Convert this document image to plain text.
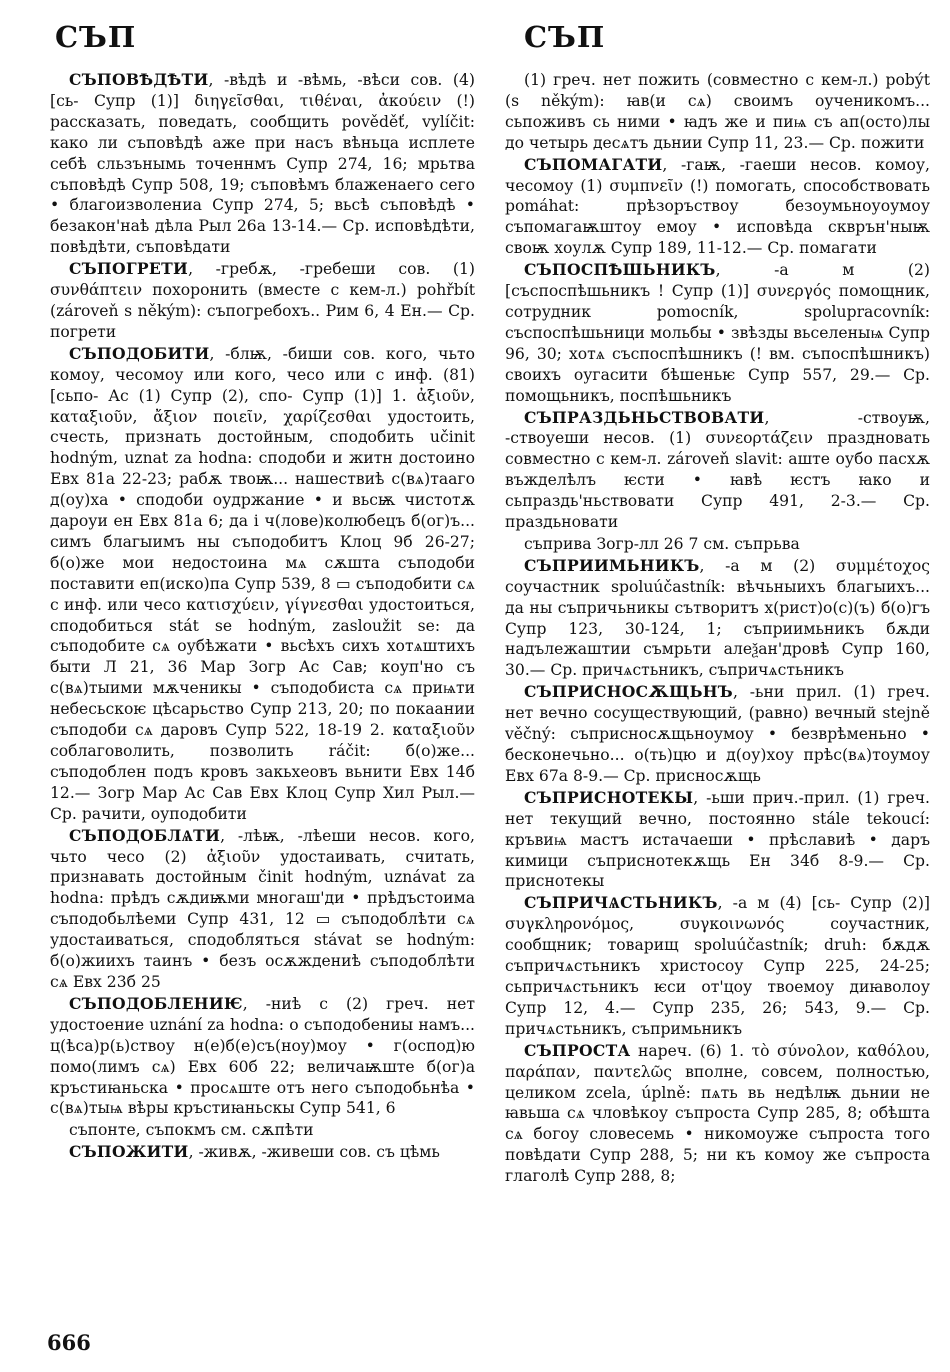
СЪП	СЪП

СЪПОВѢДѢТИ, -вѣдѣ и -вѣмь, -вѣси сов. (4) [сь- Супр (1)] διηγεῖσθαι, τιθέναι, ἀκούειν (!) рассказать, поведать, сообщить pověděť, vylíčit: како ли съповѣдѣ аже при насъ вѣньца исплете себѣ сльзънымь точеннмъ Супр 274, 16; мрьтва съповѣдѣ Супр 508, 19; съповѣмъ блаженаего сего • благоизволениа Супр 274, 5; вьсѣ съповѣдѣ • безакон'наѣ дѣла Рыл 26а 13-14.— Ср. исповѣдѣти, повѣдѣти, съповѣдати

СЪПОГРЕТИ, -гребѫ, -гребеши сов. (1) συνθάπτειν похоронить (вместе с кем-л.) pohřbít (zároveň s někým): съпогребохъ.. Рим 6, 4 Ен.— Ср. погрети

СЪПОДОБИТИ, -блѭ, -биши сов. кого, чьто комоу, чесомоу или кого, чесо или с инф. (81) [сьпо- Ас (1) Супр (2), спо- Супр (1)] 1. ἀξιοῦν, καταξιοῦν, ἄξιον ποιεῖν, χαρίζεσθαι удостоить, счесть, признать достойным, сподобить učinit hodným, uznat za hodna: сподоби и житн достоино Евх 81а 22-23; рабѫ твоѭ... нашествиѣ с(вѧ)тааго д(оу)ха • сподоби оудржание • и вьсѭ чистотѫ дароуи ен Евх 81а 6; да i ч(лове)колюбецъ б(ог)ъ... симъ благыимъ ны съподобитъ Клоц 9б 26-27; б(о)же мои недостоина мѧ сѫшта съподоби поставити еп(иско)па Супр 539, 8 ▭ съподобити сѧ с инф. или чесо κατισχύειν, γίγνεσθαι удостоиться, сподобиться stát se hodným, zasloužit se: да съподобите сѧ оубѣжати • вьсѣхъ сихъ хотѧштихъ быти Л 21, 36 Мар Зогр Ас Сав; коуп'но съ с(вѧ)тыими мѫченикы • съподобиста сѧ приѩти небесьскоѥ цѣсарьство Супр 213, 20; по покаании съподоби сѧ даровъ Супр 522, 18-19 2. καταξιοῦν соблаговолить, позволить ráčit: б(о)же... съподоблен подъ кровъ закьхеовъ вьнити Евх 14б 12.— Зогр Мар Ас Сав Евх Клоц Супр Хил Рыл.— Ср. рачити, оуподобити

СЪПОДОБЛѦТИ, -лѣѭ, -лѣеши несов. кого, чьто чесо (2) ἀξιοῦν удостаивать, считать, признавать достойным činit hodným, uznávat za hodna: прѣдъ сѫдиѭми многаш'ди • прѣдъстоима съподобьлѣеми Супр 431, 12 ▭ съподоблѣти сѧ удостаиваться, сподобляться stávat se hodným: б(о)жиихъ таинъ • безъ осѫждениѣ съподоблѣти сѧ Евх 23б 25

СЪПОДОБЛЕНИѤ, -ниѣ с (2) греч. нет удостоение uznání za hodna: о съподобениы намъ... ц(ѣса)р(ь)ствоу н(е)б(е)съ(ноу)моу • г(оспод)ю помо(лимъ сѧ) Евх 60б 22; величаѭште б(ог)а кръстиꙗньска • просѧште отъ него съподобьнѣа • с(вѧ)тыѩ вѣры кръстиꙗньскы Супр 541, 6

съпонте, съпокмъ см. сѫпѣти

СЪПОЖИТИ, -живѫ, -живеши сов. съ цѣмь

(1) греч. нет пожить (совместно с кем-л.) pobýt (s někým): ꙗв(и сѧ) своимъ оученикомъ... сьпоживъ сь ними • ꙗдъ же и пиѩ съ ап(осто)лы до четырь десѧтъ дьнии Супр 11, 23.— Ср. пожити

СЪПОМАГАТИ, -гаѭ, -гаеши несов. комоу, чесомоу (1) συμπνεῖν (!) помогать, способствовать pomáhat: прѣзоръствоу безоумьноуоумоу съпомагаѭштоу емоу • исповѣда скврън'ныѭ своѭ хоулѫ Супр 189, 11-12.— Ср. помагати

СЪПОСПѢШЬНИКЪ, -а м (2) [съспоспѣшьникъ ! Супр (1)] συνεργός помощник, сотрудник pomocník, spolupracovník: съспоспѣшьници мольбы • звѣзды вьселеныѩ Супр 96, 30; хотѧ съспоспѣшникъ (! вм. съпоспѣшникъ) своихъ оугасити бѣшеньѥ Супр 557, 29.— Ср. помощьникъ, поспѣшьникъ

СЪПРАЗДЬНЬСТВОВАТИ, -ствоуѭ, -ствоуеши несов. (1) συνεορτάζειν праздновать совместно с кем-л. zároveň slavit: аште оубо пасхѫ въжделѣлъ ѥсти • ꙗвѣ ѥстъ ꙗко и сьпраздь'ньствовати Супр 491, 2-3.— Ср. праздьновати

съприва Зогр-лл 26 7 см. съпрьва

СЪПРИИМЬНИКЪ, -а м (2) συμμέτοχος соучастник spoluúčastník: вѣчьныихъ благыихъ... да ны съпричьникы сътворитъ х(рист)о(с)(ъ) б(о)гъ Супр 123, 30-124, 1; съприимьникъ бѫди надълежаштии съмрьти алеѯан'дровѣ Супр 160, 30.— Ср. причѧстьникъ, съпричѧстьникъ

СЪПРИСНОСѪЩЬНЪ, -ьни прил. (1) греч. нет вечно сосуществующий, (равно) вечный stejně věčný: съприсносѫщьноумоу • безврѣменьно • бесконечьно... о(ть)цю и д(оу)хоу прѣс(вѧ)тоумоу Евх 67а 8-9.— Ср. присносѫщь

СЪПРИСНОТЕКЫ, -ьши прич.-прил. (1) греч. нет текущий вечно, постоянно stále tekoucí: кръвиѩ мастъ истачаеши • прѣславиѣ • даръ кимици съприснотекѫщь Ен 34б 8-9.— Ср. приснотекы

СЪПРИЧѦСТЬНИКЪ, -а м (4) [сь- Супр (2)] συγκληρονόμος, συγκοινωνός соучастник, сообщник; товарищ spoluúčastník; druh: бѫдѫ съпричѧстьникъ христосоу Супр 225, 24-25; сьпричѧстьникъ ѥси от'цоу твоемоу диꙗволоу Супр 12, 4.— Супр 235, 26; 543, 9.— Ср. причѧстьникъ, съпримьникъ

СЪПРОСТА нареч. (6) 1. τὸ σύνολον, καθόλου, παράπαν, παντελῶς вполне, совсем, полностью, целиком zcela, úplně: пѧть вь недѣлѭ дьнии не ꙗвьша сѧ чловѣкоу съпроста Супр 285, 8; обѣшта сѧ богоу словесемь • никомоуже съпроста того повѣдати Супр 288, 5; ни къ комоу же съпроста глаголѣ Супр 288, 8;

666
